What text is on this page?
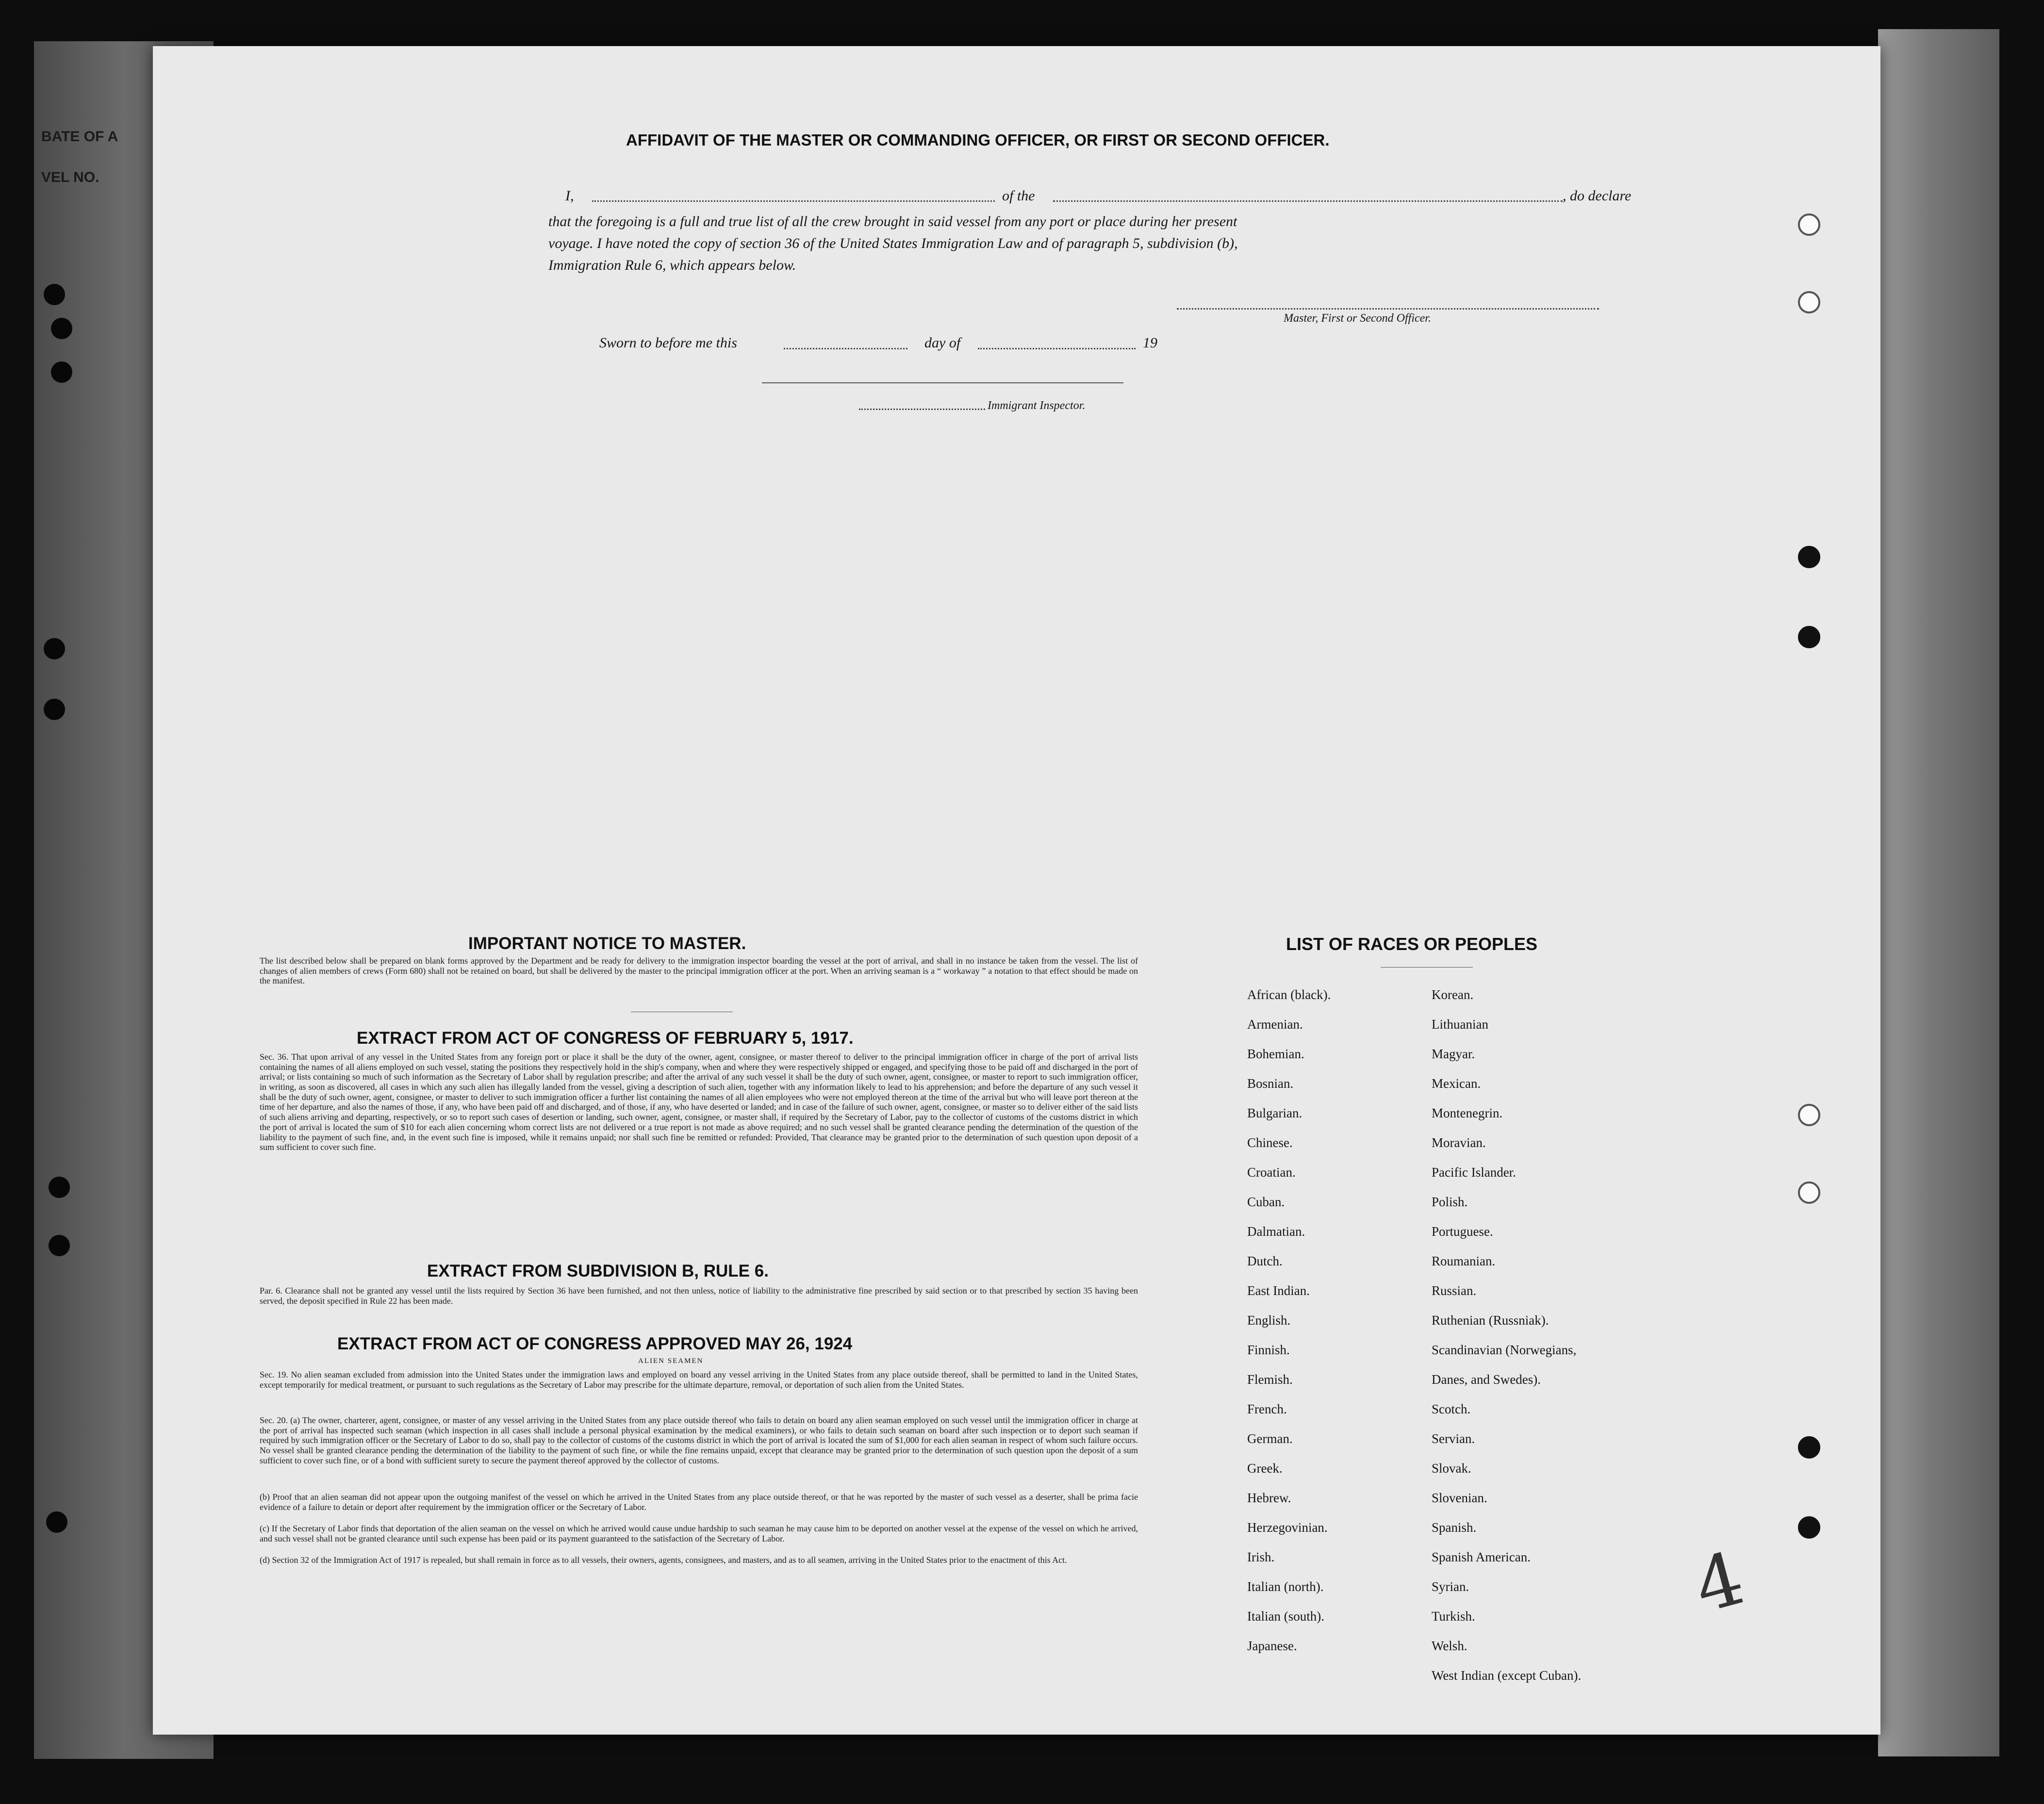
BATE OF A
VEL NO.
AFFIDAVIT OF THE MASTER OR COMMANDING OFFICER, OR FIRST OR SECOND OFFICER.
I,	of the	, do declare
that the foregoing is a full and true list of all the crew brought in said vessel from any port or place during her present
voyage. I have noted the copy of section 36 of the United States Immigration Law and of paragraph 5, subdivision (b),
Immigration Rule 6, which appears below.
Master, First or Second Officer.
Sworn to before me this	day of	19
Immigrant Inspector.
IMPORTANT NOTICE TO MASTER.
The list described below shall be prepared on blank forms approved by the Department and be ready for delivery to the immigration inspector boarding the vessel at the port of arrival, and shall in no instance be taken from the vessel. The list of changes of alien members of crews (Form 680) shall not be retained on board, but shall be delivered by the master to the principal immigration officer at the port. When an arriving seaman is a “ workaway ” a notation to that effect should be made on the manifest.
EXTRACT FROM ACT OF CONGRESS OF FEBRUARY 5, 1917.
Sec. 36. That upon arrival of any vessel in the United States from any foreign port or place it shall be the duty of the owner, agent, consignee, or master thereof to deliver to the principal immigration officer in charge of the port of arrival lists containing the names of all aliens employed on such vessel, stating the positions they respectively hold in the ship's company, when and where they were respectively shipped or engaged, and specifying those to be paid off and discharged in the port of arrival; or lists containing so much of such information as the Secretary of Labor shall by regulation prescribe; and after the arrival of any such vessel it shall be the duty of such owner, agent, consignee, or master to report to such immigration officer, in writing, as soon as discovered, all cases in which any such alien has illegally landed from the vessel, giving a description of such alien, together with any information likely to lead to his apprehension; and before the departure of any such vessel it shall be the duty of such owner, agent, consignee, or master to deliver to such immigration officer a further list containing the names of all alien employees who were not employed thereon at the time of the arrival but who will leave port thereon at the time of her departure, and also the names of those, if any, who have been paid off and discharged, and of those, if any, who have deserted or landed; and in case of the failure of such owner, agent, consignee, or master so to deliver either of the said lists of such aliens arriving and departing, respectively, or so to report such cases of desertion or landing, such owner, agent, consignee, or master shall, if required by the Secretary of Labor, pay to the collector of customs of the customs district in which the port of arrival is located the sum of $10 for each alien concerning whom correct lists are not delivered or a true report is not made as above required; and no such vessel shall be granted clearance pending the determination of the question of the liability to the payment of such fine, and, in the event such fine is imposed, while it remains unpaid; nor shall such fine be remitted or refunded: Provided, That clearance may be granted prior to the determination of such question upon deposit of a sum sufficient to cover such fine.
EXTRACT FROM SUBDIVISION B, RULE 6.
Par. 6. Clearance shall not be granted any vessel until the lists required by Section 36 have been furnished, and not then unless, notice of liability to the administrative fine prescribed by said section or to that prescribed by section 35 having been served, the deposit specified in Rule 22 has been made.
EXTRACT FROM ACT OF CONGRESS APPROVED MAY 26, 1924
ALIEN SEAMEN
Sec. 19. No alien seaman excluded from admission into the United States under the immigration laws and employed on board any vessel arriving in the United States from any place outside thereof, shall be permitted to land in the United States, except temporarily for medical treatment, or pursuant to such regulations as the Secretary of Labor may prescribe for the ultimate departure, removal, or deportation of such alien from the United States.
Sec. 20. (a) The owner, charterer, agent, consignee, or master of any vessel arriving in the United States from any place outside thereof who fails to detain on board any alien seaman employed on such vessel until the immigration officer in charge at the port of arrival has inspected such seaman (which inspection in all cases shall include a personal physical examination by the medical examiners), or who fails to detain such seaman on board after such inspection or to deport such seaman if required by such immigration officer or the Secretary of Labor to do so, shall pay to the collector of customs of the customs district in which the port of arrival is located the sum of $1,000 for each alien seaman in respect of whom such failure occurs. No vessel shall be granted clearance pending the determination of the liability to the payment of such fine, or while the fine remains unpaid, except that clearance may be granted prior to the determination of such question upon the deposit of a sum sufficient to cover such fine, or of a bond with sufficient surety to secure the payment thereof approved by the collector of customs.
(b) Proof that an alien seaman did not appear upon the outgoing manifest of the vessel on which he arrived in the United States from any place outside thereof, or that he was reported by the master of such vessel as a deserter, shall be prima facie evidence of a failure to detain or deport after requirement by the immigration officer or the Secretary of Labor.
(c) If the Secretary of Labor finds that deportation of the alien seaman on the vessel on which he arrived would cause undue hardship to such seaman he may cause him to be deported on another vessel at the expense of the vessel on which he arrived, and such vessel shall not be granted clearance until such expense has been paid or its payment guaranteed to the satisfaction of the Secretary of Labor.
(d) Section 32 of the Immigration Act of 1917 is repealed, but shall remain in force as to all vessels, their owners, agents, consignees, and masters, and as to all seamen, arriving in the United States prior to the enactment of this Act.
LIST OF RACES OR PEOPLES
African (black).
Armenian.
Bohemian.
Bosnian.
Bulgarian.
Chinese.
Croatian.
Cuban.
Dalmatian.
Dutch.
East Indian.
English.
Finnish.
Flemish.
French.
German.
Greek.
Hebrew.
Herzegovinian.
Irish.
Italian (north).
Italian (south).
Japanese.
Korean.
Lithuanian
Magyar.
Mexican.
Montenegrin.
Moravian.
Pacific Islander.
Polish.
Portuguese.
Roumanian.
Russian.
Ruthenian (Russniak).
Scandinavian (Norwegians,
Danes, and Swedes).
Scotch.
Servian.
Slovak.
Slovenian.
Spanish.
Spanish American.
Syrian.
Turkish.
Welsh.
West Indian (except Cuban).
4
